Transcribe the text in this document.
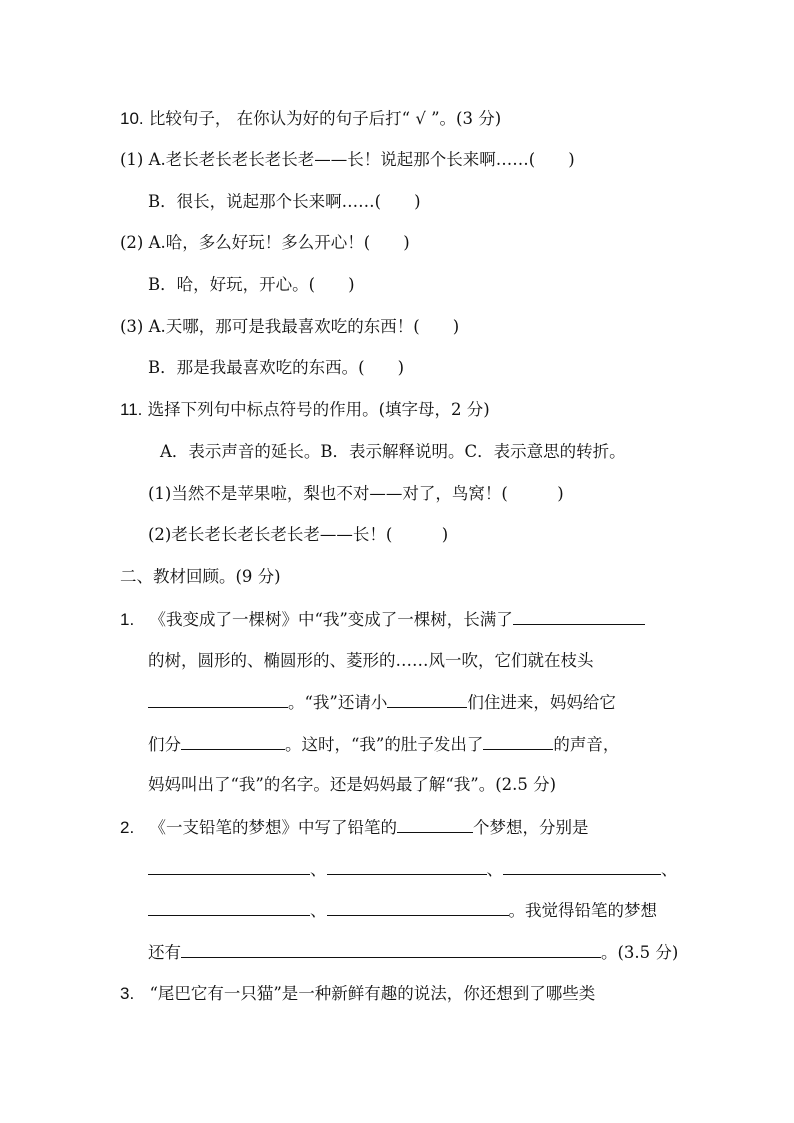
10. 比较句子， 在你认为好的句子后打“ √ ”。(3 分)
(1) A.老长老长老长老长老——长！说起那个长来啊……(　　)
B．很长，说起那个长来啊……(　　)
(2) A.哈，多么好玩！多么开心！(　　)
B．哈，好玩，开心。(　　)
(3) A.天哪，那可是我最喜欢吃的东西！(　　)
B．那是我最喜欢吃的东西。(　　)
11. 选择下列句中标点符号的作用。(填字母，2 分)
A．表示声音的延长。B．表示解释说明。C．表示意思的转折。
(1)当然不是苹果啦，梨也不对——对了，鸟窝！(　　　)
(2)老长老长老长老长老——长！(　　　)
二、教材回顾。(9 分)
1. 《我变成了一棵树》中“我”变成了一棵树，长满了
的树，圆形的、椭圆形的、菱形的……风一吹，它们就在枝头
。“我”还请小	们住进来，妈妈给它
们分	。这时，“我”的肚子发出了	的声音，
妈妈叫出了“我”的名字。还是妈妈最了解“我”。(2.5 分)
2. 《一支铅笔的梦想》中写了铅笔的	个梦想，分别是
、	、	、
、	。我觉得铅笔的梦想
还有	。(3.5 分)
3. “尾巴它有一只猫”是一种新鲜有趣的说法，你还想到了哪些类
